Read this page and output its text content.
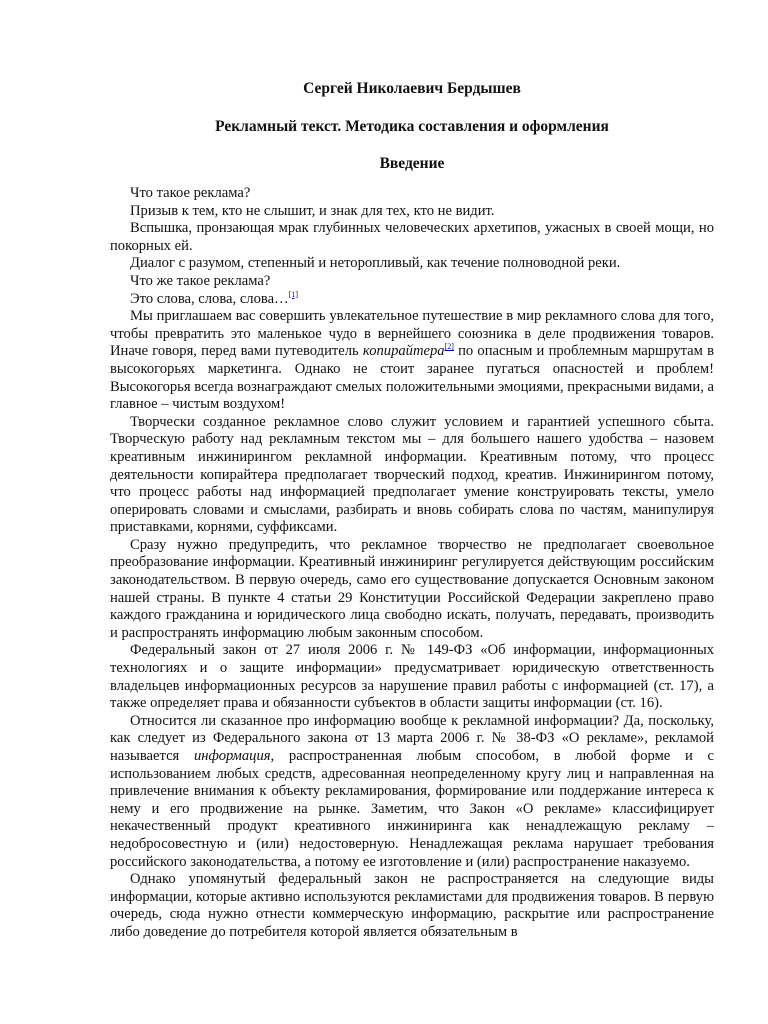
Сергей Николаевич Бердышев

Рекламный текст. Методика составления и оформления

Введение

Что такое реклама?

Призыв к тем, кто не слышит, и знак для тех, кто не видит.

Вспышка, пронзающая мрак глубинных человеческих архетипов, ужасных в своей мощи, но покорных ей.

Диалог с разумом, степенный и неторопливый, как течение полноводной реки.

Что же такое реклама?

Это слова, слова, слова…[1]

Мы приглашаем вас совершить увлекательное путешествие в мир рекламного слова для того, чтобы превратить это маленькое чудо в вернейшего союзника в деле продвижения товаров. Иначе говоря, перед вами путеводитель копирайтера[2] по опасным и проблемным маршрутам в высокогорьях маркетинга. Однако не стоит заранее пугаться опасностей и проблем! Высокогорья всегда вознаграждают смелых положительными эмоциями, прекрасными видами, а главное – чистым воздухом!

Творчески созданное рекламное слово служит условием и гарантией успешного сбыта. Творческую работу над рекламным текстом мы – для большего нашего удобства – назовем креативным инжинирингом рекламной информации. Креативным потому, что процесс деятельности копирайтера предполагает творческий подход, креатив. Инжинирингом потому, что процесс работы над информацией предполагает умение конструировать тексты, умело оперировать словами и смыслами, разбирать и вновь собирать слова по частям, манипулируя приставками, корнями, суффиксами.

Сразу нужно предупредить, что рекламное творчество не предполагает своевольное преобразование информации. Креативный инжиниринг регулируется действующим российским законодательством. В первую очередь, само его существование допускается Основным законом нашей страны. В пункте 4 статьи 29 Конституции Российской Федерации закреплено право каждого гражданина и юридического лица свободно искать, получать, передавать, производить и распространять информацию любым законным способом.

Федеральный закон от 27 июля 2006 г. № 149-ФЗ «Об информации, информационных технологиях и о защите информации» предусматривает юридическую ответственность владельцев информационных ресурсов за нарушение правил работы с информацией (ст. 17), а также определяет права и обязанности субъектов в области защиты информации (ст. 16).

Относится ли сказанное про информацию вообще к рекламной информации? Да, поскольку, как следует из Федерального закона от 13 марта 2006 г. № 38-ФЗ «О рекламе», рекламой называется информация, распространенная любым способом, в любой форме и с использованием любых средств, адресованная неопределенному кругу лиц и направленная на привлечение внимания к объекту рекламирования, формирование или поддержание интереса к нему и его продвижение на рынке. Заметим, что Закон «О рекламе» классифицирует некачественный продукт креативного инжиниринга как ненадлежащую рекламу – недобросовестную и (или) недостоверную. Ненадлежащая реклама нарушает требования российского законодательства, а потому ее изготовление и (или) распространение наказуемо.

Однако упомянутый федеральный закон не распространяется на следующие виды информации, которые активно используются рекламистами для продвижения товаров. В первую очередь, сюда нужно отнести коммерческую информацию, раскрытие или распространение либо доведение до потребителя которой является обязательным в
